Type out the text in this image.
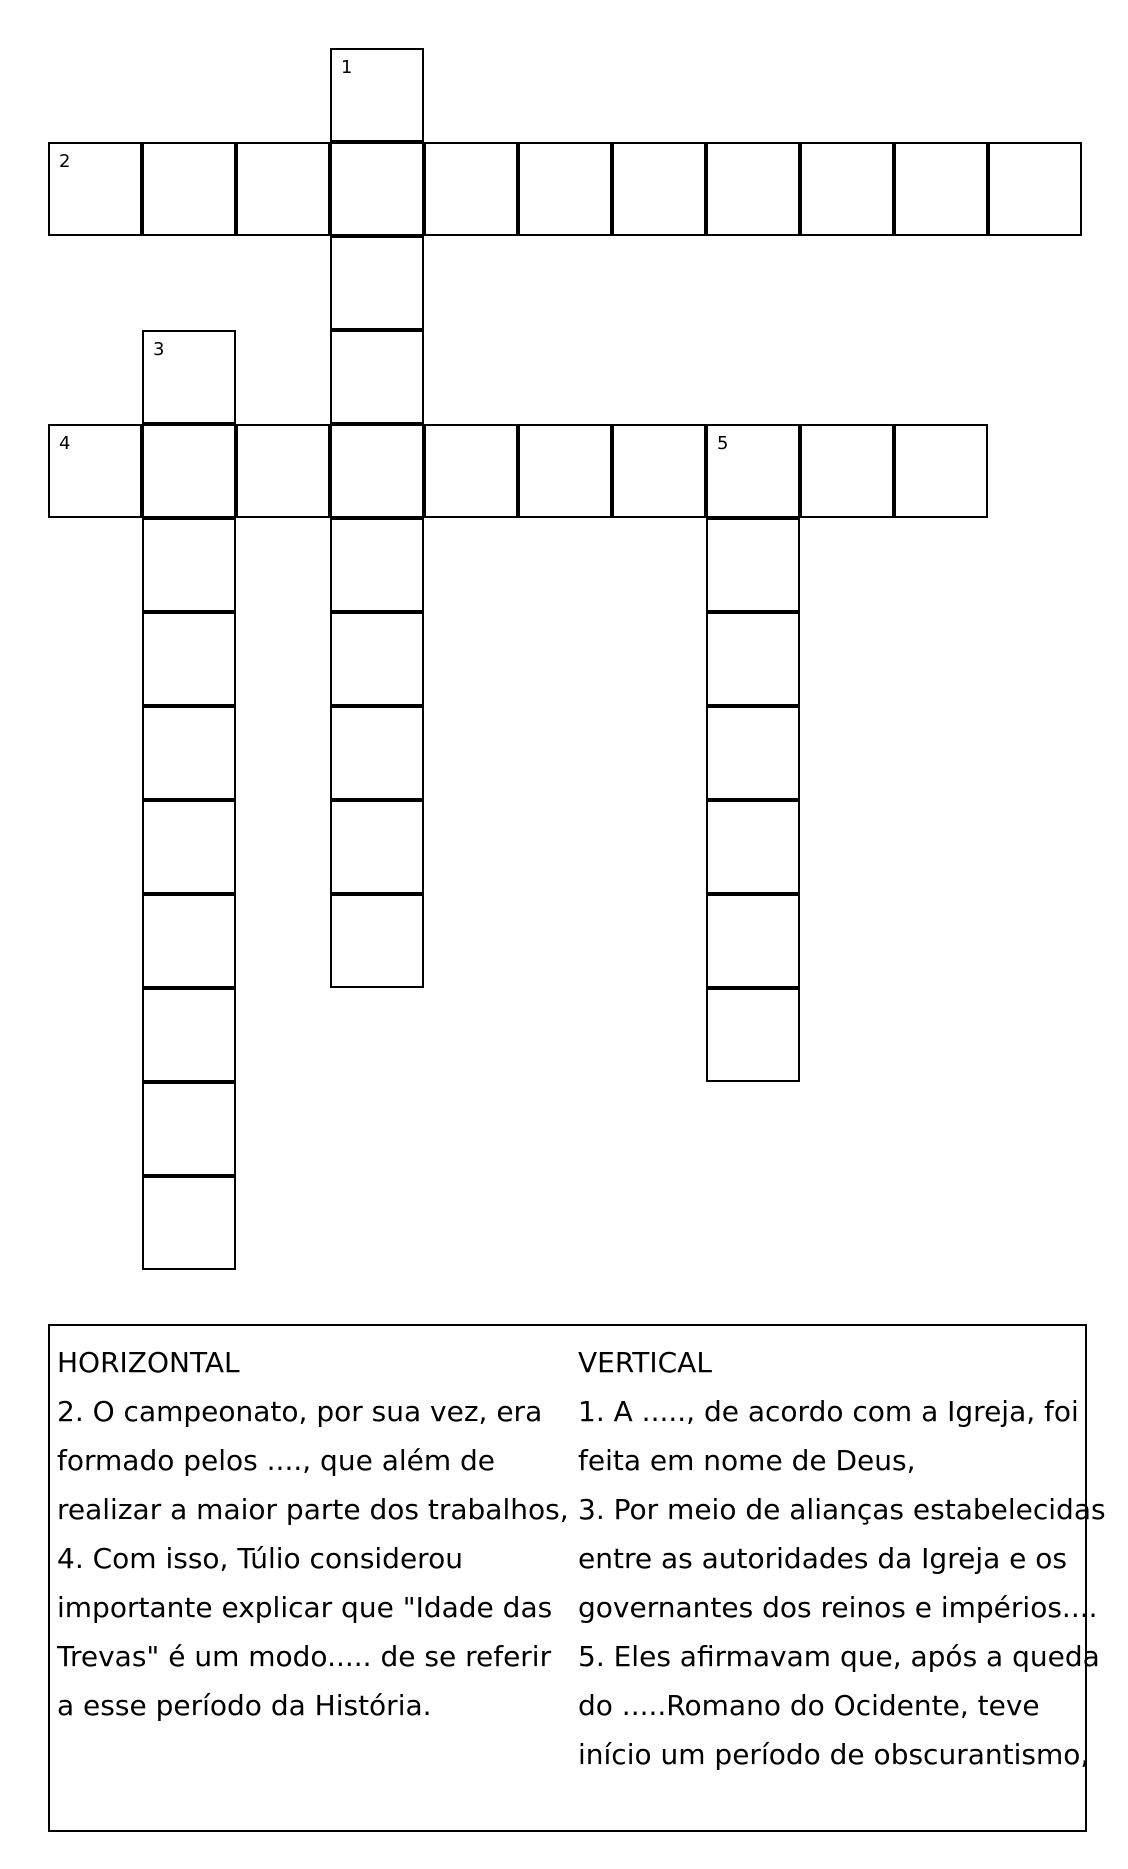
1
2
3
4	5
HORIZONTAL
2. O campeonato, por sua vez, era
formado pelos ...., que além de
realizar a maior parte dos trabalhos,
4. Com isso, Túlio considerou
importante explicar que "Idade das
Trevas" é um modo..... de se referir
a esse período da História.
VERTICAL
1. A ....., de acordo com a Igreja, foi
feita em nome de Deus,
3. Por meio de alianças estabelecidas
entre as autoridades da Igreja e os
governantes dos reinos e impérios....
5. Eles afirmavam que, após a queda
do .....Romano do Ocidente, teve
início um período de obscurantismo,
